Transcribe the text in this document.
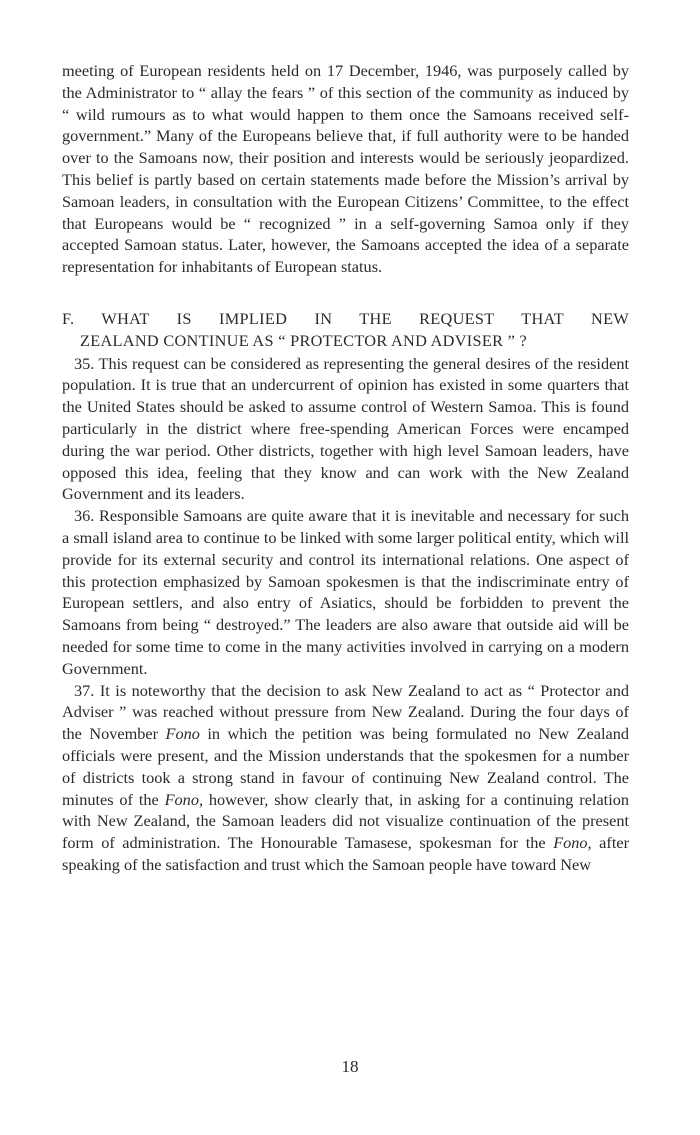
meeting of European residents held on 17 December, 1946, was purposely called by the Administrator to “ allay the fears ” of this section of the community as induced by “ wild rumours as to what would happen to them once the Samoans received self-government.” Many of the Europeans believe that, if full authority were to be handed over to the Samoans now, their position and interests would be seriously jeopardized. This belief is partly based on certain statements made before the Mission’s arrival by Samoan leaders, in consultation with the European Citizens’ Committee, to the effect that Europeans would be “ recognized ” in a self-governing Samoa only if they accepted Samoan status. Later, however, the Samoans accepted the idea of a separate representation for inhabitants of European status.

F. WHAT IS IMPLIED IN THE REQUEST THAT NEW

ZEALAND CONTINUE AS “ PROTECTOR AND ADVISER ” ?

35. This request can be considered as representing the general desires of the resident population. It is true that an undercurrent of opinion has existed in some quarters that the United States should be asked to assume control of Western Samoa. This is found particularly in the district where free-spending American Forces were encamped during the war period. Other districts, together with high level Samoan leaders, have opposed this idea, feeling that they know and can work with the New Zealand Government and its leaders.

36. Responsible Samoans are quite aware that it is inevitable and necessary for such a small island area to continue to be linked with some larger political entity, which will provide for its external security and control its international relations. One aspect of this protection emphasized by Samoan spokesmen is that the indiscriminate entry of European settlers, and also entry of Asiatics, should be forbidden to prevent the Samoans from being “ destroyed.” The leaders are also aware that outside aid will be needed for some time to come in the many activities involved in carrying on a modern Government.

37. It is noteworthy that the decision to ask New Zealand to act as “ Protector and Adviser ” was reached without pressure from New Zealand. During the four days of the November Fono in which the petition was being formulated no New Zealand officials were present, and the Mission understands that the spokesmen for a number of districts took a strong stand in favour of continuing New Zealand control. The minutes of the Fono, however, show clearly that, in asking for a continuing relation with New Zealand, the Samoan leaders did not visualize continuation of the present form of administration. The Honourable Tamasese, spokesman for the Fono, after speaking of the satisfaction and trust which the Samoan people have toward New

18
